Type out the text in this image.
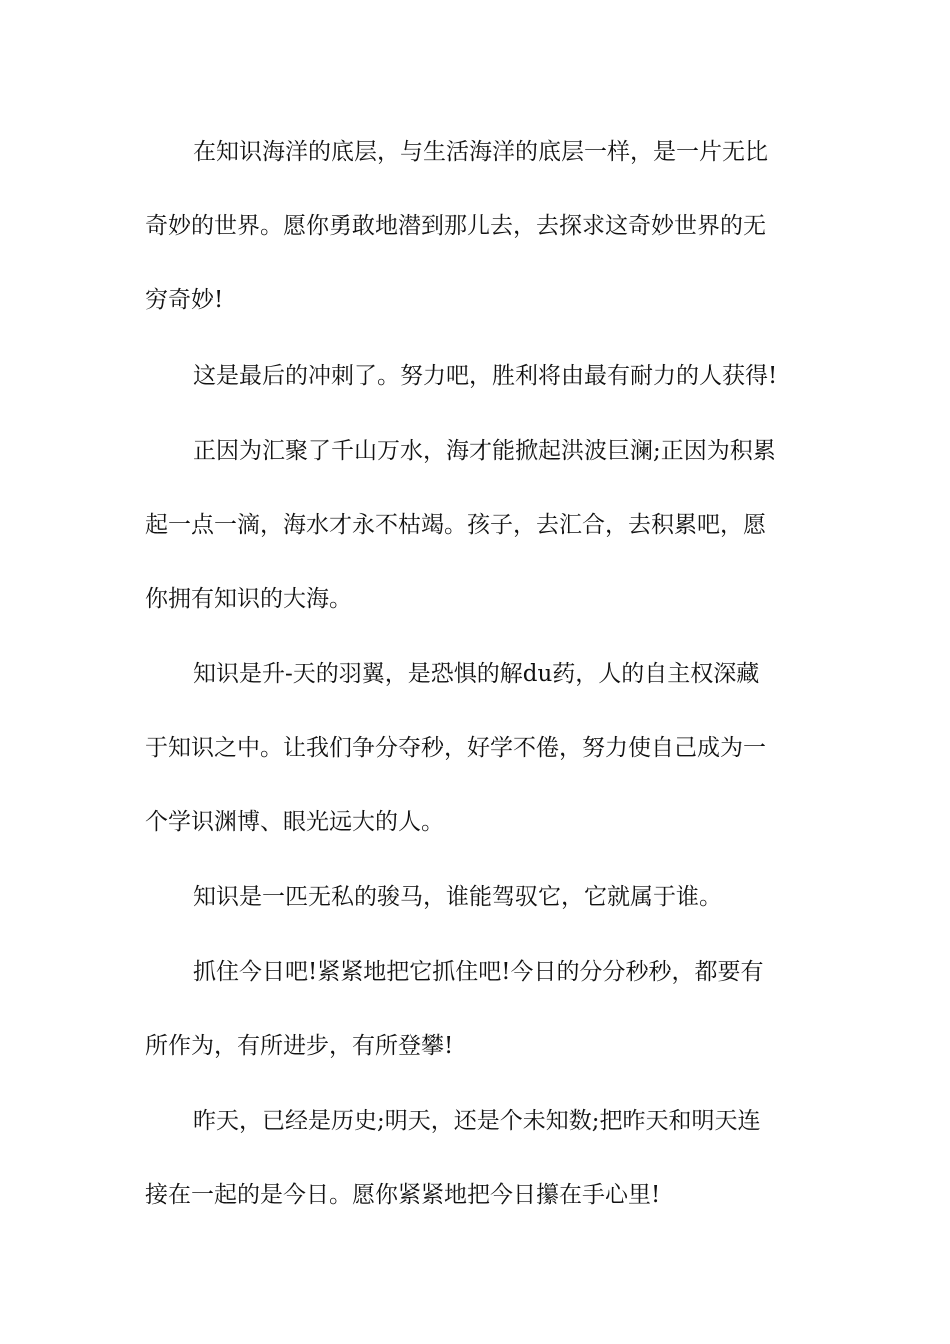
在知识海洋的底层，与生活海洋的底层一样，是一片无比
奇妙的世界。愿你勇敢地潜到那儿去，去探求这奇妙世界的无
穷奇妙!
这是最后的冲刺了。努力吧，胜利将由最有耐力的人获得!
正因为汇聚了千山万水，海才能掀起洪波巨澜;正因为积累
起一点一滴，海水才永不枯竭。孩子，去汇合，去积累吧，愿
你拥有知识的大海。
知识是升-天的羽翼，是恐惧的解du药，人的自主权深藏
于知识之中。让我们争分夺秒，好学不倦，努力使自己成为一
个学识渊博、眼光远大的人。
知识是一匹无私的骏马，谁能驾驭它，它就属于谁。
抓住今日吧!紧紧地把它抓住吧!今日的分分秒秒，都要有
所作为，有所进步，有所登攀!
昨天，已经是历史;明天，还是个未知数;把昨天和明天连
接在一起的是今日。愿你紧紧地把今日攥在手心里!
